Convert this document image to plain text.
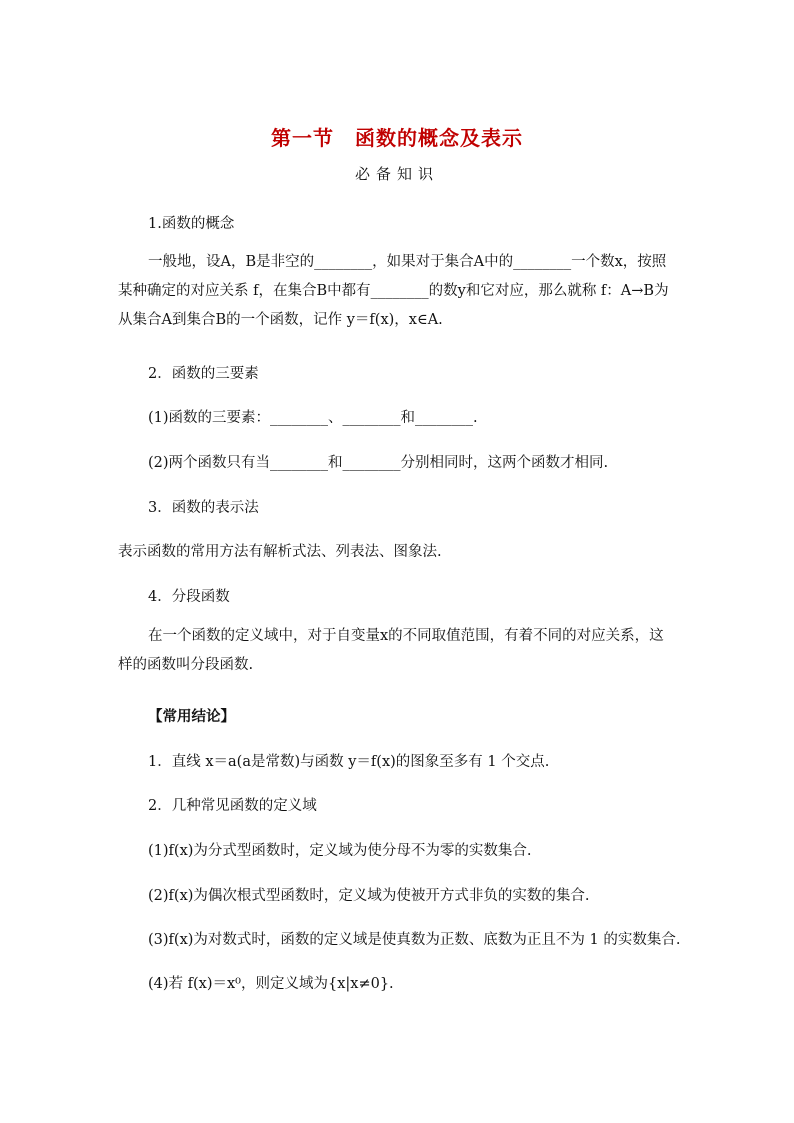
第一节　函数的概念及表示
必备知识
1.函数的概念

一般地，设A，B是非空的________，如果对于集合A中的________一个数x，按照某种确定的对应关系 f，在集合B中都有________的数y和它对应，那么就称 f：A→B为从集合A到集合B的一个函数，记作 y＝f(x)，x∈A.

2．函数的三要素
(1)函数的三要素：________、________和________.
(2)两个函数只有当________和________分别相同时，这两个函数才相同.
3．函数的表示法
表示函数的常用方法有解析式法、列表法、图象法.
4．分段函数

在一个函数的定义域中，对于自变量x的不同取值范围，有着不同的对应关系，这样的函数叫分段函数.

【常用结论】
1．直线 x＝a(a是常数)与函数 y＝f(x)的图象至多有 1 个交点.
2．几种常见函数的定义域
(1)f(x)为分式型函数时，定义域为使分母不为零的实数集合.
(2)f(x)为偶次根式型函数时，定义域为使被开方式非负的实数的集合.
(3)f(x)为对数式时，函数的定义域是使真数为正数、底数为正且不为 1 的实数集合.
(4)若 f(x)＝x⁰，则定义域为{x|x≠0}.
